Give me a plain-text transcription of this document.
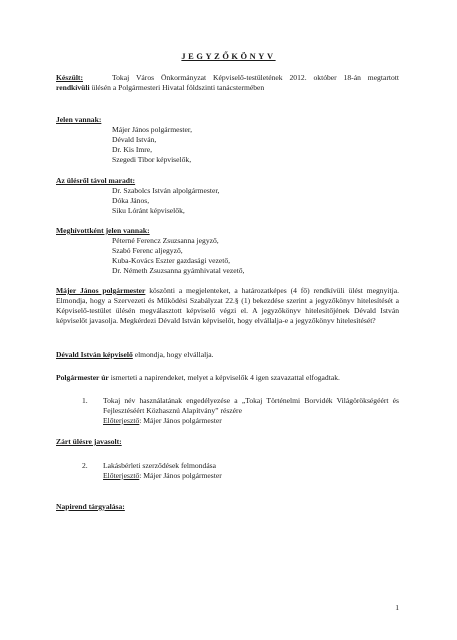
JEGYZŐKÖNYV
Készült:	Tokaj Város Önkormányzat Képviselő-testületének 2012. október 18-án megtartott rendkívüli ülésén a Polgármesteri Hivatal földszinti tanácstermében
Jelen vannak:
Májer János polgármester,
Dévald István,
Dr. Kis Imre,
Szegedi Tibor képviselők,
Az ülésről távol maradt:
Dr. Szabolcs István alpolgármester,
Dóka János,
Siku Lóránt képviselők,
Meghívottként jelen vannak:
Péterné Ferencz Zsuzsanna jegyző,
Szabó Ferenc aljegyző,
Kuba-Kovács Eszter gazdasági vezető,
Dr. Németh Zsuzsanna gyámhivatal vezető,
Májer János polgármester köszönti a megjelenteket, a határozatképes (4 fő) rendkívüli ülést megnyitja. Elmondja, hogy a Szervezeti és Működési Szabályzat 22.§ (1) bekezdése szerint a jegyzőkönyv hitelesítését a Képviselő-testület ülésén megválasztott képviselő végzi el. A jegyzőkönyv hitelesítőjének Dévald István képviselőt javasolja. Megkérdezi Dévald István képviselőt, hogy elvállalja-e a jegyzőkönyv hitelesítését?
Dévald István képviselő elmondja, hogy elvállalja.
Polgármester úr ismerteti a napirendeket, melyet a képviselők 4 igen szavazattal elfogadtak.
1. Tokaj név használatának engedélyezése a „Tokaj Történelmi Borvidék Világörökségéért és Fejlesztéséért Közhasznú Alapítvány” részére
Előterjesztő: Májer János polgármester
Zárt ülésre javasolt:
2. Lakásbérleti szerződések felmondása
Előterjesztő: Májer János polgármester
Napirend tárgyalása:
1
